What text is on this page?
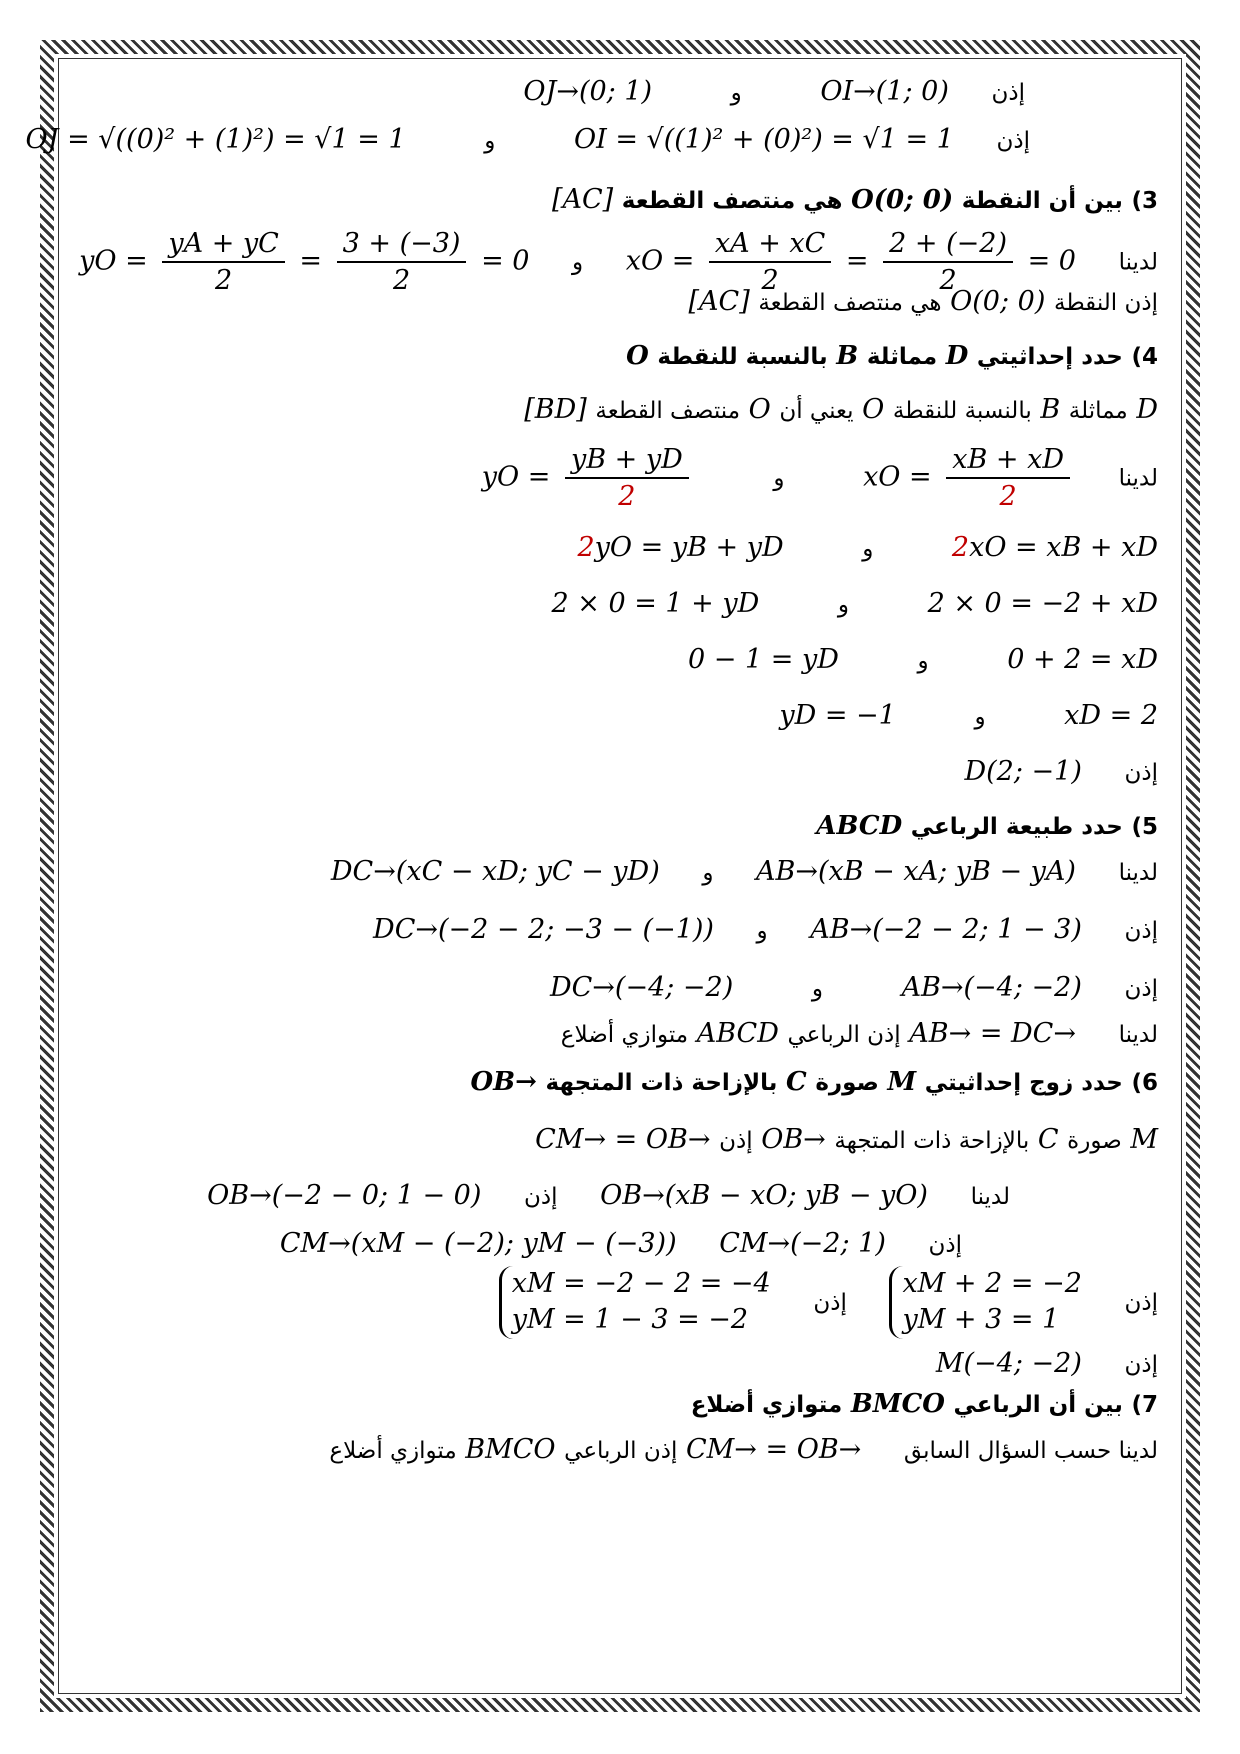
إذن OI→(1; 0) و OJ→(0; 1)
إذن OI = √((1)² + (0)²) = √1 = 1 و OJ = √((0)² + (1)²) = √1 = 1
3) بين أن النقطة O(0; 0) هي منتصف القطعة [AC]
لدينا xO = $\frac{xA + xC}{2} = \frac{2 + (-2)}{2} = 0$ و yO = $\frac{yA + yC}{2} = \frac{3 + (-3)}{2} = 0$
إذن النقطة O(0; 0) هي منتصف القطعة [AC]
4) حدد إحداثيتي D مماثلة B بالنسبة للنقطة O
D مماثلة B بالنسبة للنقطة O يعني أن O منتصف القطعة [BD]
لدينا xO = $\frac{xB + xD}{2}$
و yO = $\frac{yB + yD}{2}$
2xO = xB + xD و 2yO = yB + yD
2 × 0 = −2 + xD و 2 × 0 = 1 + yD
0 + 2 = xD و 0 − 1 = yD
xD = 2 و yD = −1
إذن D(2; −1)
5) حدد طبيعة الرباعي ABCD
لدينا AB→(xB − xA; yB − yA) و DC→(xC − xD; yC − yD)
إذن AB→(−2 − 2; 1 − 3) و DC→(−2 − 2; −3 − (−1))
إذن AB→(−4; −2) و DC→(−4; −2)
لدينا AB→ = DC→ إذن الرباعي ABCD متوازي أضلاع
6) حدد زوج إحداثيتي M صورة C بالإزاحة ذات المتجهة OB→
M صورة C بالإزاحة ذات المتجهة OB→ إذن CM→ = OB→
لدينا OB→(xB − xO; yB − yO) إذن OB→(−2 − 0; 1 − 0)
إذن CM→(−2; 1) CM→(xM − (−2); yM − (−3))
إذن
xM + 2 = −2
yM + 3 = 1
إذن
xM = −2 − 2 = −4
yM = 1 − 3 = −2
إذن M(−4; −2)
7) بين أن الرباعي BMCO متوازي أضلاع
لدينا حسب السؤال السابق CM→ = OB→ إذن الرباعي BMCO متوازي أضلاع
